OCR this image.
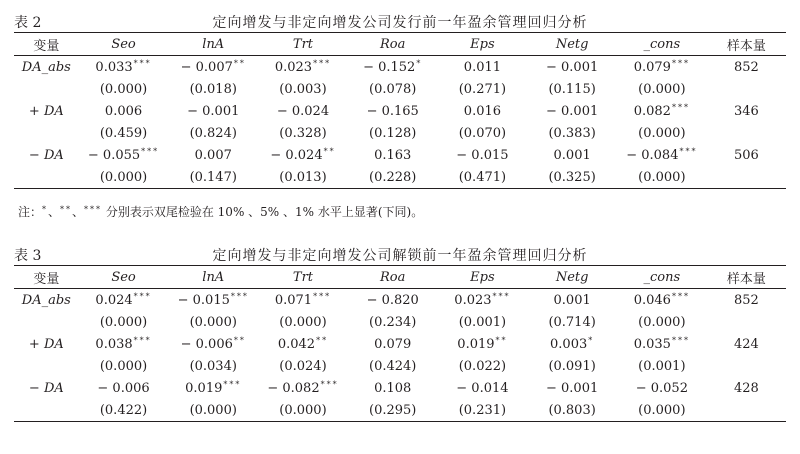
表 2	定向增发与非定向增发公司发行前一年盈余管理回归分析
变量	Seo	lnA	Trt	Roa	Eps	Netg	_cons	样本量
DA_abs	0.033***	− 0.007**	0.023***	− 0.152*	0.011	− 0.001	0.079***	852
	(0.000)	(0.018)	(0.003)	(0.078)	(0.271)	(0.115)	(0.000)	
+ DA	0.006	− 0.001	− 0.024	− 0.165	0.016	− 0.001	0.082***	346
	(0.459)	(0.824)	(0.328)	(0.128)	(0.070)	(0.383)	(0.000)	
− DA	− 0.055***	0.007	− 0.024**	0.163	− 0.015	0.001	− 0.084***	506
	(0.000)	(0.147)	(0.013)	(0.228)	(0.471)	(0.325)	(0.000)	
注：*、**、*** 分别表示双尾检验在 10% 、5% 、1% 水平上显著(下同)。
表 3	定向增发与非定向增发公司解锁前一年盈余管理回归分析
变量	Seo	lnA	Trt	Roa	Eps	Netg	_cons	样本量
DA_abs	0.024***	− 0.015***	0.071***	− 0.820	0.023***	0.001	0.046***	852
	(0.000)	(0.000)	(0.000)	(0.234)	(0.001)	(0.714)	(0.000)	
+ DA	0.038***	− 0.006**	0.042**	0.079	0.019**	0.003*	0.035***	424
	(0.000)	(0.034)	(0.024)	(0.424)	(0.022)	(0.091)	(0.001)	
− DA	− 0.006	0.019***	− 0.082***	0.108	− 0.014	− 0.001	− 0.052	428
	(0.422)	(0.000)	(0.000)	(0.295)	(0.231)	(0.803)	(0.000)	
